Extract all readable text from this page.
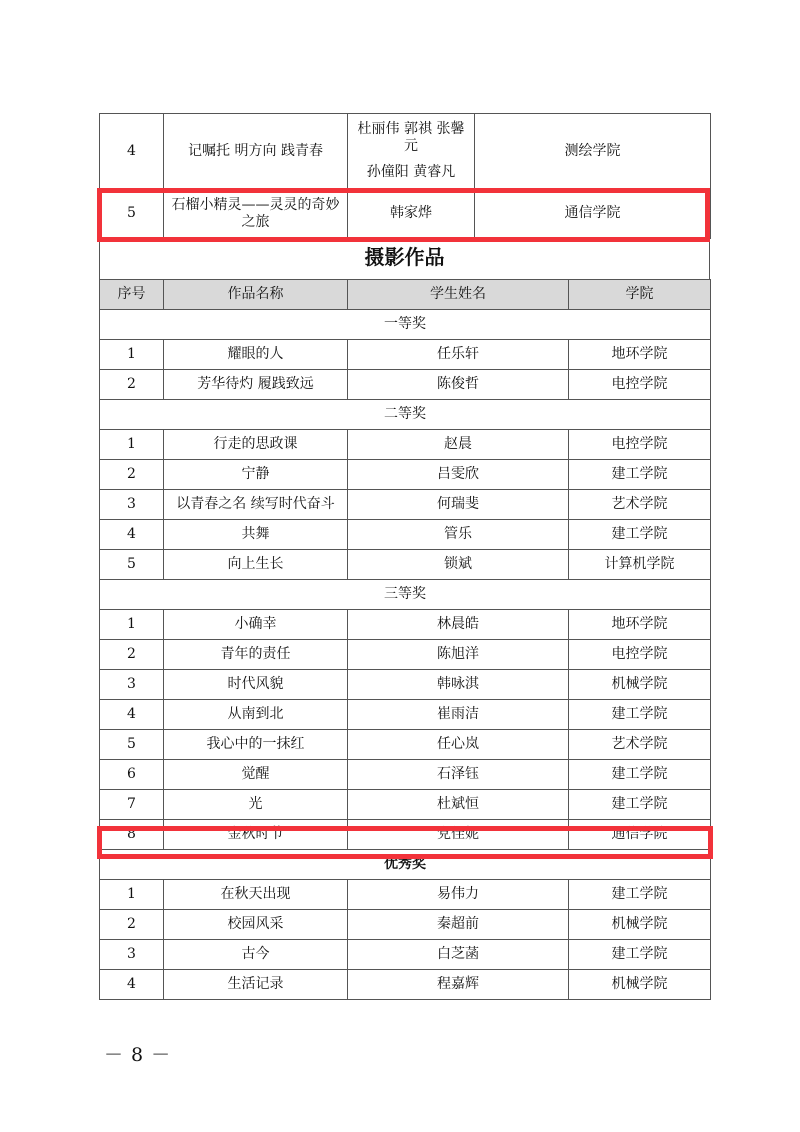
4	记嘱托 明方向 践青春	杜丽伟 郭祺 张馨
元
孙僮阳 黄睿凡	测绘学院
5	石榴小精灵——灵灵的奇妙
之旅	韩家烨	通信学院
摄影作品
序号	作品名称	学生姓名	学院
一等奖			
1	耀眼的人	任乐轩	地环学院
2	芳华待灼 履践致远	陈俊哲	电控学院
二等奖			
1	行走的思政课	赵晨	电控学院
2	宁静	吕雯欣	建工学院
3	以青春之名 续写时代奋斗	何瑞斐	艺术学院
4	共舞	管乐	建工学院
5	向上生长	锁斌	计算机学院
三等奖			
1	小确幸	林晨皓	地环学院
2	青年的责任	陈旭洋	电控学院
3	时代风貌	韩咏淇	机械学院
4	从南到北	崔雨洁	建工学院
5	我心中的一抹红	任心岚	艺术学院
6	觉醒	石泽钰	建工学院
7	光	杜斌恒	建工学院
8	金秋时节	党佳妮	通信学院
优秀奖			
1	在秋天出现	易伟力	建工学院
2	校园风采	秦超前	机械学院
3	古今	白芝菡	建工学院
4	生活记录	程嘉辉	机械学院
－ 8 －
